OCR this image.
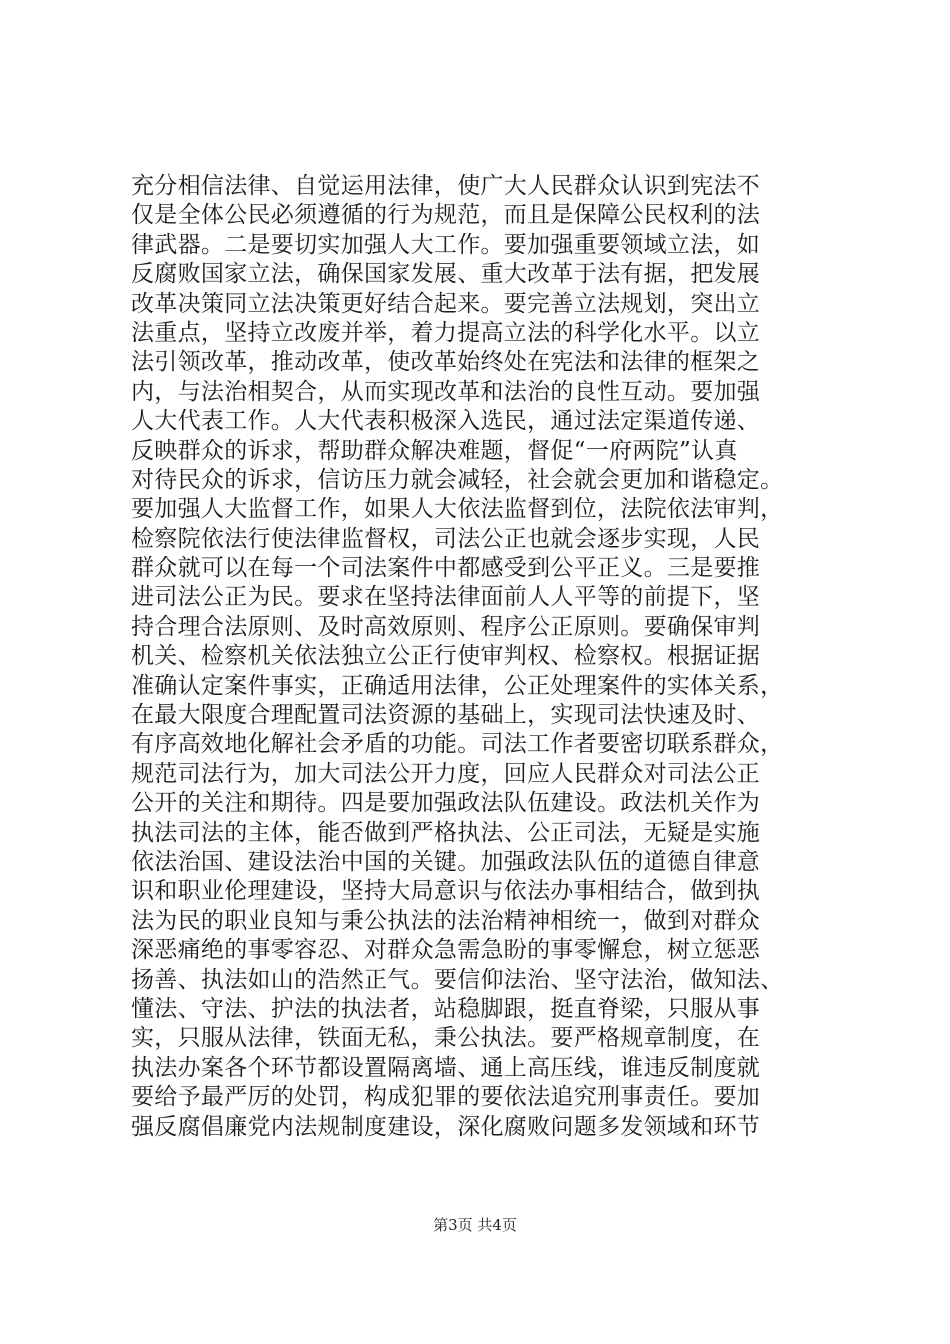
充分相信法律、自觉运用法律，使广大人民群众认识到宪法不
仅是全体公民必须遵循的行为规范，而且是保障公民权利的法
律武器。二是要切实加强人大工作。要加强重要领域立法，如
反腐败国家立法，确保国家发展、重大改革于法有据，把发展
改革决策同立法决策更好结合起来。要完善立法规划，突出立
法重点，坚持立改废并举，着力提高立法的科学化水平。以立
法引领改革，推动改革，使改革始终处在宪法和法律的框架之
内，与法治相契合，从而实现改革和法治的良性互动。要加强
人大代表工作。人大代表积极深入选民，通过法定渠道传递、
反映群众的诉求，帮助群众解决难题，督促“一府两院”认真
对待民众的诉求，信访压力就会减轻，社会就会更加和谐稳定。
要加强人大监督工作，如果人大依法监督到位，法院依法审判，
检察院依法行使法律监督权，司法公正也就会逐步实现，人民
群众就可以在每一个司法案件中都感受到公平正义。三是要推
进司法公正为民。要求在坚持法律面前人人平等的前提下，坚
持合理合法原则、及时高效原则、程序公正原则。要确保审判
机关、检察机关依法独立公正行使审判权、检察权。根据证据
准确认定案件事实，正确适用法律，公正处理案件的实体关系，
在最大限度合理配置司法资源的基础上，实现司法快速及时、
有序高效地化解社会矛盾的功能。司法工作者要密切联系群众，
规范司法行为，加大司法公开力度，回应人民群众对司法公正
公开的关注和期待。四是要加强政法队伍建设。政法机关作为
执法司法的主体，能否做到严格执法、公正司法，无疑是实施
依法治国、建设法治中国的关键。加强政法队伍的道德自律意
识和职业伦理建设，坚持大局意识与依法办事相结合，做到执
法为民的职业良知与秉公执法的法治精神相统一，做到对群众
深恶痛绝的事零容忍、对群众急需急盼的事零懈怠，树立惩恶
扬善、执法如山的浩然正气。要信仰法治、坚守法治，做知法、
懂法、守法、护法的执法者，站稳脚跟，挺直脊梁，只服从事
实，只服从法律，铁面无私，秉公执法。要严格规章制度，在
执法办案各个环节都设置隔离墙、通上高压线，谁违反制度就
要给予最严厉的处罚，构成犯罪的要依法追究刑事责任。要加
强反腐倡廉党内法规制度建设，深化腐败问题多发领域和环节
第3页 共4页
